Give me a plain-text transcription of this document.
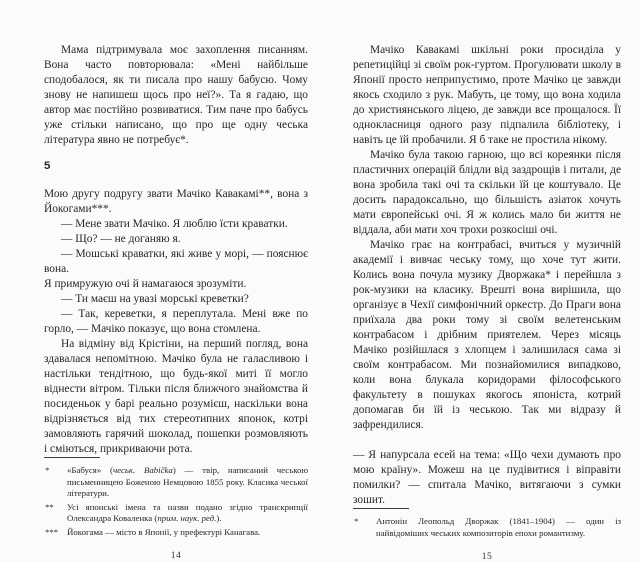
Мама підтримувала моє захоплення писанням. Вона часто повторювала: «Мені найбільше сподобалося, як ти писала про нашу бабусю. Чому знову не напишеш щось про неї?». Та я гадаю, що автор має постійно розвиватися. Тим паче про бабусь уже стільки написано, що про ще одну чеська література явно не потребує*.

5

Мою другу подругу звати Мачіко Кавакамі**, вона з Йокогами***.

— Мене звати Мачіко. Я люблю їсти краватки.

— Що? — не доганяю я.

— Мошські краватки, які живе у морі, — пояснює вона.

Я примружую очі й намагаюся зрозуміти.

— Ти маєш на увазі морські креветки?

— Так, кереветки, я переплутала. Мені вже по горло, — Мачіко показує, що вона стомлена.

На відміну від Крістіни, на перший погляд, вона здавалася непомітною. Мачіко була не галасливою і настільки тендітною, що будь-якої миті її могло віднести вітром. Тільки після ближчого знайомства й посиденьок у барі реально розумієш, наскільки вона відрізняється від тих стереотипних японок, котрі замовляють гарячий шоколад, пошепки розмовляють і сміються, прикриваючи рота.

* «Бабуся» (чеськ. Babička) — твір, написаний чеською письменницею Боженою Немцовою 1855 року. Класика чеської літератури.
** Усі японські імена та назви подано згідно транскрипції Олександра Коваленка (прим. наук. ред.).
*** Йокогама — місто в Японії, у префектурі Канагава.
14

Мачіко Кавакамі шкільні роки просиділа у репетиційці зі своїм рок-гуртом. Прогулювати школу в Японії просто неприпустимо, проте Мачіко це завжди якось сходило з рук. Мабуть, це тому, що вона ходила до християнського ліцею, де завжди все прощалося. Її однокласниця одного разу підпалила бібліотеку, і навіть це їй пробачили. Я б таке не простила нікому.

Мачіко була такою гарною, що всі кореянки після пластичних операцій блідли від заздрощів і питали, де вона зробила такі очі та скільки їй це коштувало. Це досить парадоксально, що більшість азіаток хочуть мати європейські очі. Я ж колись мало би життя не віддала, аби мати хоч трохи розкосіші очі.

Мачіко грає на контрабасі, вчиться у музичній академії і вивчає чеську тому, що хоче тут жити. Колись вона почула музику Дворжака* і перейшла з рок-музики на класику. Врешті вона вирішила, що організує в Чехії симфонічний оркестр. До Праги вона приїхала два роки тому зі своїм велетенським контрабасом і дрібним приятелем. Через місяць Мачіко розійшлася з хлопцем і залишилася сама зі своїм контрабасом. Ми познайомилися випадково, коли вона блукала коридорами філософського факультету в пошуках якогось японіста, котрий допомагав би їй із чеською. Так ми відразу й зафрендилися.

— Я напурсала есей на тема: «Що чехи думають про мою країну». Можеш на це пудівитися і віправіти помилки? — спитала Мачіко, витягаючи з сумки зошит.

* Антонін Леопольд Дворжак (1841–1904) — один із найвідоміших чеських композиторів епохи романтизму.
15
